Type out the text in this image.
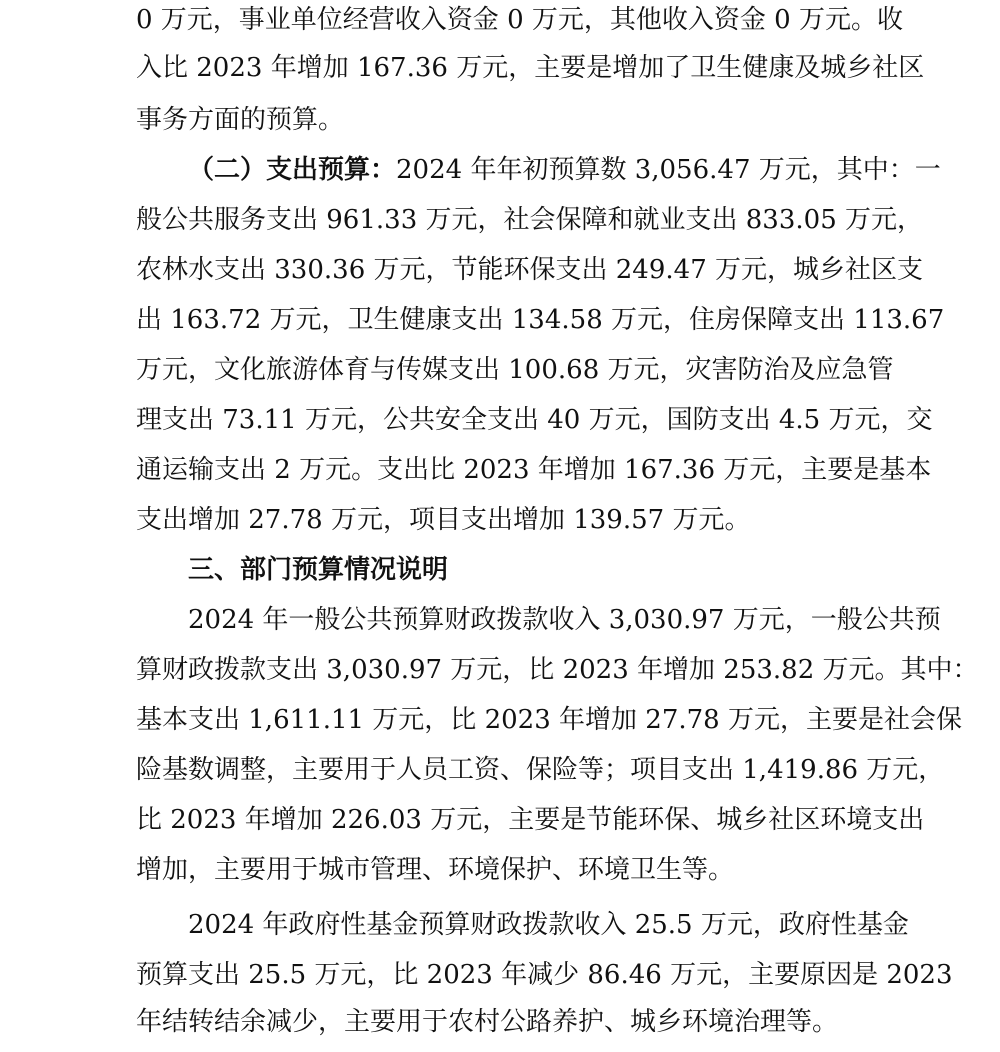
0 万元，事业单位经营收入资金 0 万元，其他收入资金 0 万元。收
入比 2023 年增加 167.36 万元，主要是增加了卫生健康及城乡社区
事务方面的预算。
（二）支出预算：2024 年年初预算数 3,056.47 万元，其中：一
般公共服务支出 961.33 万元，社会保障和就业支出 833.05 万元，
农林水支出 330.36 万元，节能环保支出 249.47 万元，城乡社区支
出 163.72 万元，卫生健康支出 134.58 万元，住房保障支出 113.67
万元，文化旅游体育与传媒支出 100.68 万元，灾害防治及应急管
理支出 73.11 万元，公共安全支出 40 万元，国防支出 4.5 万元，交
通运输支出 2 万元。支出比 2023 年增加 167.36 万元，主要是基本
支出增加 27.78 万元，项目支出增加 139.57 万元。
三、部门预算情况说明
2024 年一般公共预算财政拨款收入 3,030.97 万元，一般公共预
算财政拨款支出 3,030.97 万元，比 2023 年增加 253.82 万元。其中：
基本支出 1,611.11 万元，比 2023 年增加 27.78 万元，主要是社会保
险基数调整，主要用于人员工资、保险等；项目支出 1,419.86 万元，
比 2023 年增加 226.03 万元，主要是节能环保、城乡社区环境支出
增加，主要用于城市管理、环境保护、环境卫生等。
2024 年政府性基金预算财政拨款收入 25.5 万元，政府性基金
预算支出 25.5 万元，比 2023 年减少 86.46 万元，主要原因是 2023
年结转结余减少，主要用于农村公路养护、城乡环境治理等。
